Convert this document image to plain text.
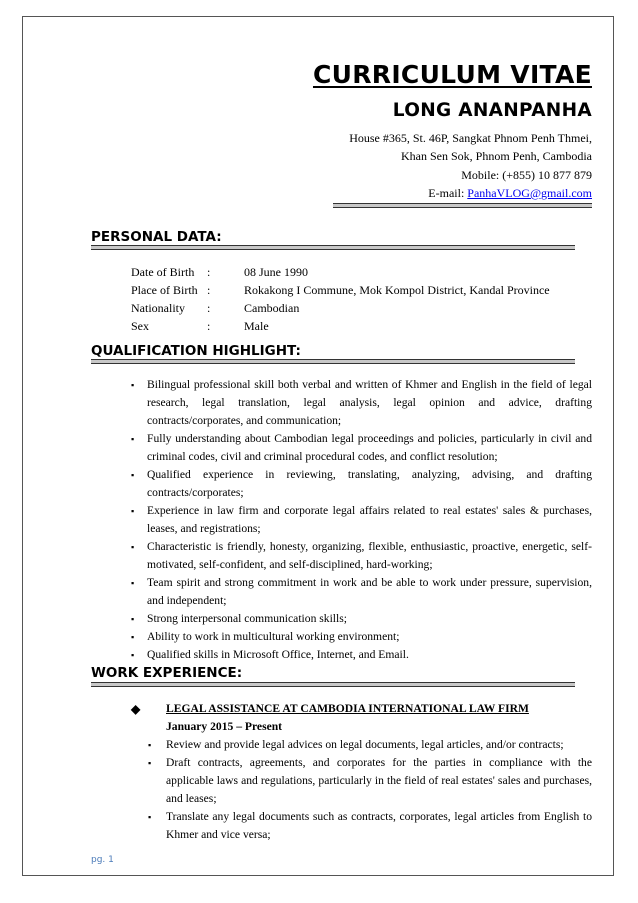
CURRICULUM VITAE
LONG ANANPANHA
House #365, St. 46P, Sangkat Phnom Penh Thmei,
Khan Sen Sok, Phnom Penh, Cambodia
Mobile: (+855) 10 877 879
E-mail: PanhaVLOG@gmail.com
PERSONAL DATA:
Date of Birth	:	08 June 1990
Place of Birth	:	Rokakong I Commune, Mok Kompol District, Kandal Province
Nationality	:	Cambodian
Sex	:	Male
QUALIFICATION HIGHLIGHT:
▪ Bilingual professional skill both verbal and written of Khmer and English in the field of legal research, legal translation, legal analysis, legal opinion and advice, drafting contracts/corporates, and communication;
▪ Fully understanding about Cambodian legal proceedings and policies, particularly in civil and criminal codes, civil and criminal procedural codes, and conflict resolution;
▪ Qualified experience in reviewing, translating, analyzing, advising, and drafting contracts/corporates;
▪ Experience in law firm and corporate legal affairs related to real estates' sales & purchases, leases, and registrations;
▪ Characteristic is friendly, honesty, organizing, flexible, enthusiastic, proactive, energetic, self-motivated, self-confident, and self-disciplined, hard-working;
▪ Team spirit and strong commitment in work and be able to work under pressure, supervision, and independent;
▪ Strong interpersonal communication skills;
▪ Ability to work in multicultural working environment;
▪ Qualified skills in Microsoft Office, Internet, and Email.
WORK EXPERIENCE:
◆ LEGAL ASSISTANCE AT CAMBODIA INTERNATIONAL LAW FIRM
January 2015 – Present
▪ Review and provide legal advices on legal documents, legal articles, and/or contracts;
▪ Draft contracts, agreements, and corporates for the parties in compliance with the applicable laws and regulations, particularly in the field of real estates' sales and purchases, and leases;
▪ Translate any legal documents such as contracts, corporates, legal articles from English to Khmer and vice versa;
pg. 1
